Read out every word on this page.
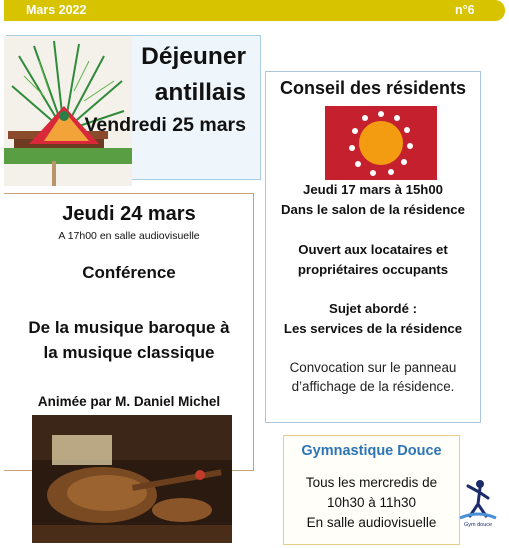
Mars 2022	n°6
Déjeuner
antillais
Vendredi 25 mars
Jeudi 24 mars
A 17h00 en salle audiovisuelle
Conférence
De la musique baroque à
la musique classique
Animée par M. Daniel Michel
Conseil des résidents
Jeudi 17 mars à 15h00
Dans le salon de la résidence
Ouvert aux locataires et
propriétaires occupants
Sujet abordé :
Les services de la résidence
Convocation sur le panneau
d’affichage de la résidence.
Gymnastique Douce
Tous les mercredis de
10h30 à 11h30
En salle audiovisuelle	Gym douce
